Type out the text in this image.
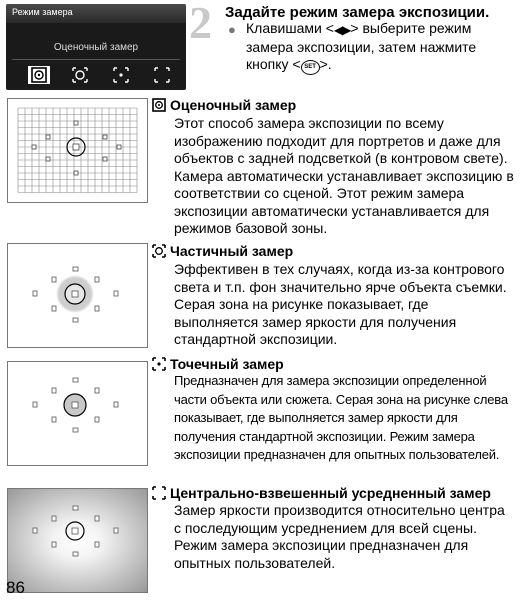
Режим замера
Оценочный замер	2 Задайте режим замера экспозиции.
● Клавишами <◀▶> выберите режим замера экспозиции, затем нажмите кнопку < SET >.
Оценочный замер
Этот способ замера экспозиции по всему изображению подходит для портретов и даже для объектов с задней подсветкой (в контровом свете). Камера автоматически устанавливает экспозицию в соответствии со сценой. Этот режим замера экспозиции автоматически устанавливается для режимов базовой зоны.
Частичный замер
Эффективен в тех случаях, когда из-за контрового света и т.п. фон значительно ярче объекта съемки. Серая зона на рисунке показывает, где выполняется замер яркости для получения стандартной экспозиции.
Точечный замер
Предназначен для замера экспозиции определенной части объекта или сюжета. Серая зона на рисунке слева показывает, где выполняется замер яркости для получения стандартной экспозиции. Режим замера экспозиции предназначен для опытных пользователей.
Центрально-взвешенный усредненный замер
Замер яркости производится относительно центра с последующим усреднением для всей сцены. Режим замера экспозиции предназначен для опытных пользователей.
86
